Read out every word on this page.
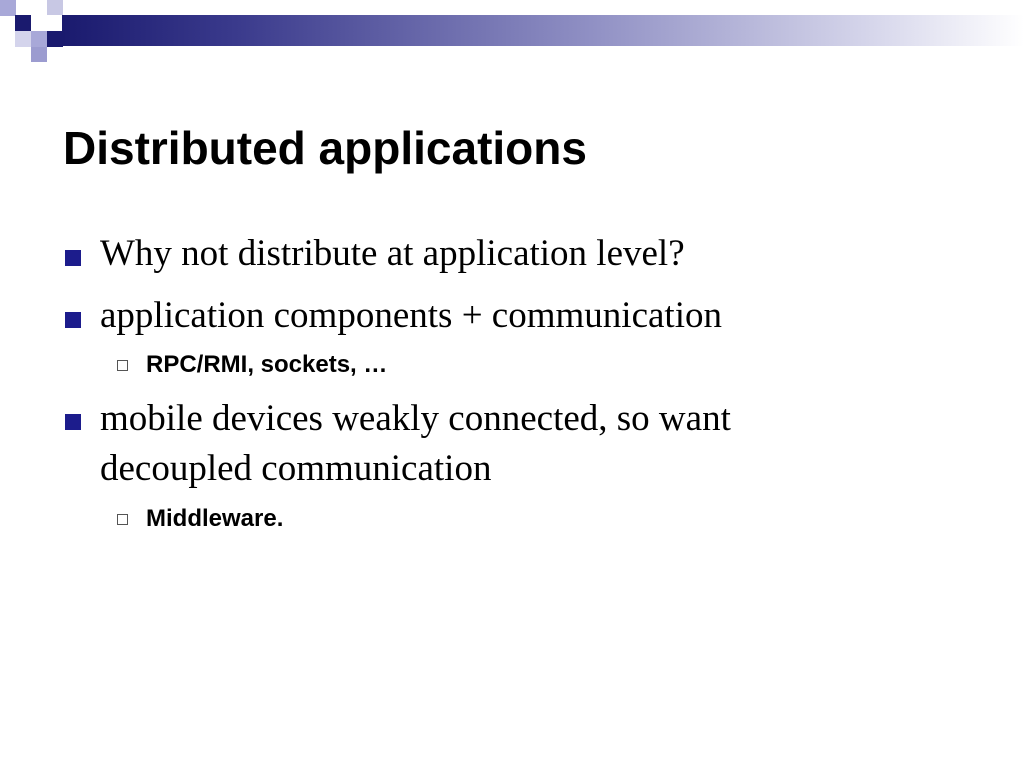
Distributed applications
Why not distribute at application level?
application components + communication
RPC/RMI, sockets, …
mobile devices weakly connected, so want decoupled communication
Middleware.
